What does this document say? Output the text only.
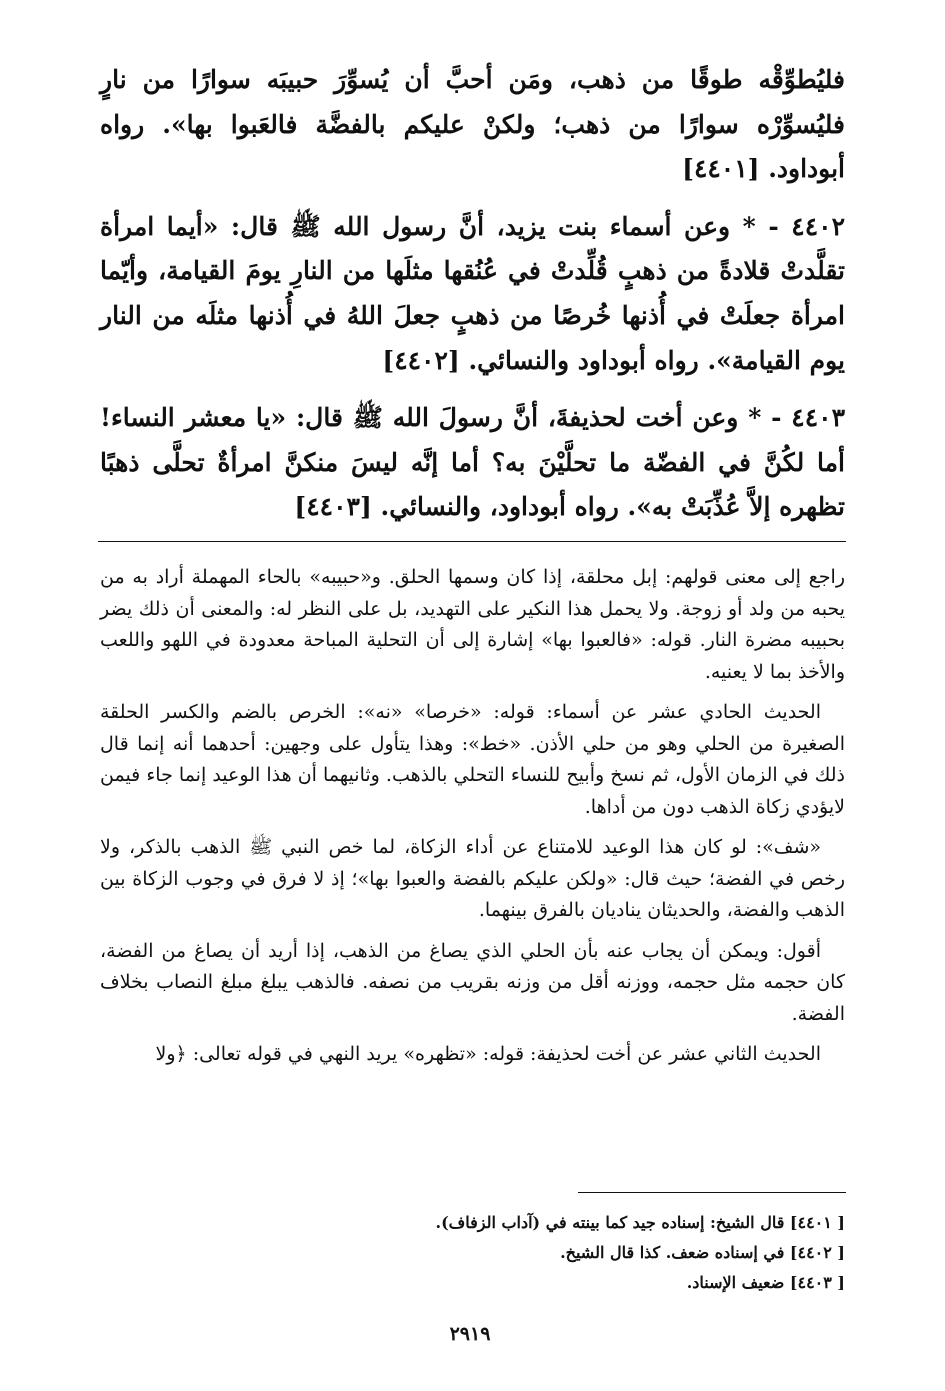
فليُطوِّقْه طوقًا من ذهب، ومَن أحبَّ أن يُسوِّرَ حبيبَه سوارًا من نارٍ فليُسوِّرْه سوارًا من ذهب؛ ولكنْ عليكم بالفضَّة فالعَبوا بها». رواه أبوداود. [٤٤٠١]

٤٤٠٢ - * وعن أسماء بنت يزيد، أنَّ رسول الله ﷺ قال: «أيما امرأة تقلَّدتْ قلادةً من ذهبٍ قُلِّدتْ في عُنُقها مثلَها من النارِ يومَ القيامة، وأيّما امرأة جعلَتْ في أُذنها خُرصًا من ذهبٍ جعلَ اللهُ في أُذنها مثلَه من النار يوم القيامة». رواه أبوداود والنسائي. [٤٤٠٢]

٤٤٠٣ - * وعن أخت لحذيفةَ، أنَّ رسولَ الله ﷺ قال: «يا معشر النساء! أما لكُنَّ في الفضّة ما تحلَّيْنَ به؟ أما إنَّه ليسَ منكنَّ امرأةٌ تحلَّى ذهبًا تظهره إلاَّ عُذِّبَتْ به». رواه أبوداود، والنسائي. [٤٤٠٣]

راجع إلى معنى قولهم: إبل محلقة، إذا كان وسمها الحلق. و«حبيبه» بالحاء المهملة أراد به من يحبه من ولد أو زوجة. ولا يحمل هذا النكير على التهديد، بل على النظر له: والمعنى أن ذلك يضر بحبيبه مضرة النار. قوله: «فالعبوا بها» إشارة إلى أن التحلية المباحة معدودة في اللهو واللعب والأخذ بما لا يعنيه.

الحديث الحادي عشر عن أسماء: قوله: «خرصا» «نه»: الخرص بالضم والكسر الحلقة الصغيرة من الحلي وهو من حلي الأذن. «خط»: وهذا يتأول على وجهين: أحدهما أنه إنما قال ذلك في الزمان الأول، ثم نسخ وأبيح للنساء التحلي بالذهب. وثانيهما أن هذا الوعيد إنما جاء فيمن لايؤدي زكاة الذهب دون من أداها.

«شف»: لو كان هذا الوعيد للامتناع عن أداء الزكاة، لما خص النبي ﷺ الذهب بالذكر، ولا رخص في الفضة؛ حيث قال: «ولكن عليكم بالفضة والعبوا بها»؛ إذ لا فرق في وجوب الزكاة بين الذهب والفضة، والحديثان يناديان بالفرق بينهما.

أقول: ويمكن أن يجاب عنه بأن الحلي الذي يصاغ من الذهب، إذا أريد أن يصاغ من الفضة، كان حجمه مثل حجمه، ووزنه أقل من وزنه بقريب من نصفه. فالذهب يبلغ مبلغ النصاب بخلاف الفضة.

الحديث الثاني عشر عن أخت لحذيفة: قوله: «تظهره» يريد النهي في قوله تعالى: ﴿ولا

[ ٤٤٠١] قال الشيخ: إسناده جيد كما بينته في (آداب الزفاف).
[ ٤٤٠٢] في إسناده ضعف. كذا قال الشيخ.
[ ٤٤٠٣] ضعيف الإسناد.
٢٩١٩
